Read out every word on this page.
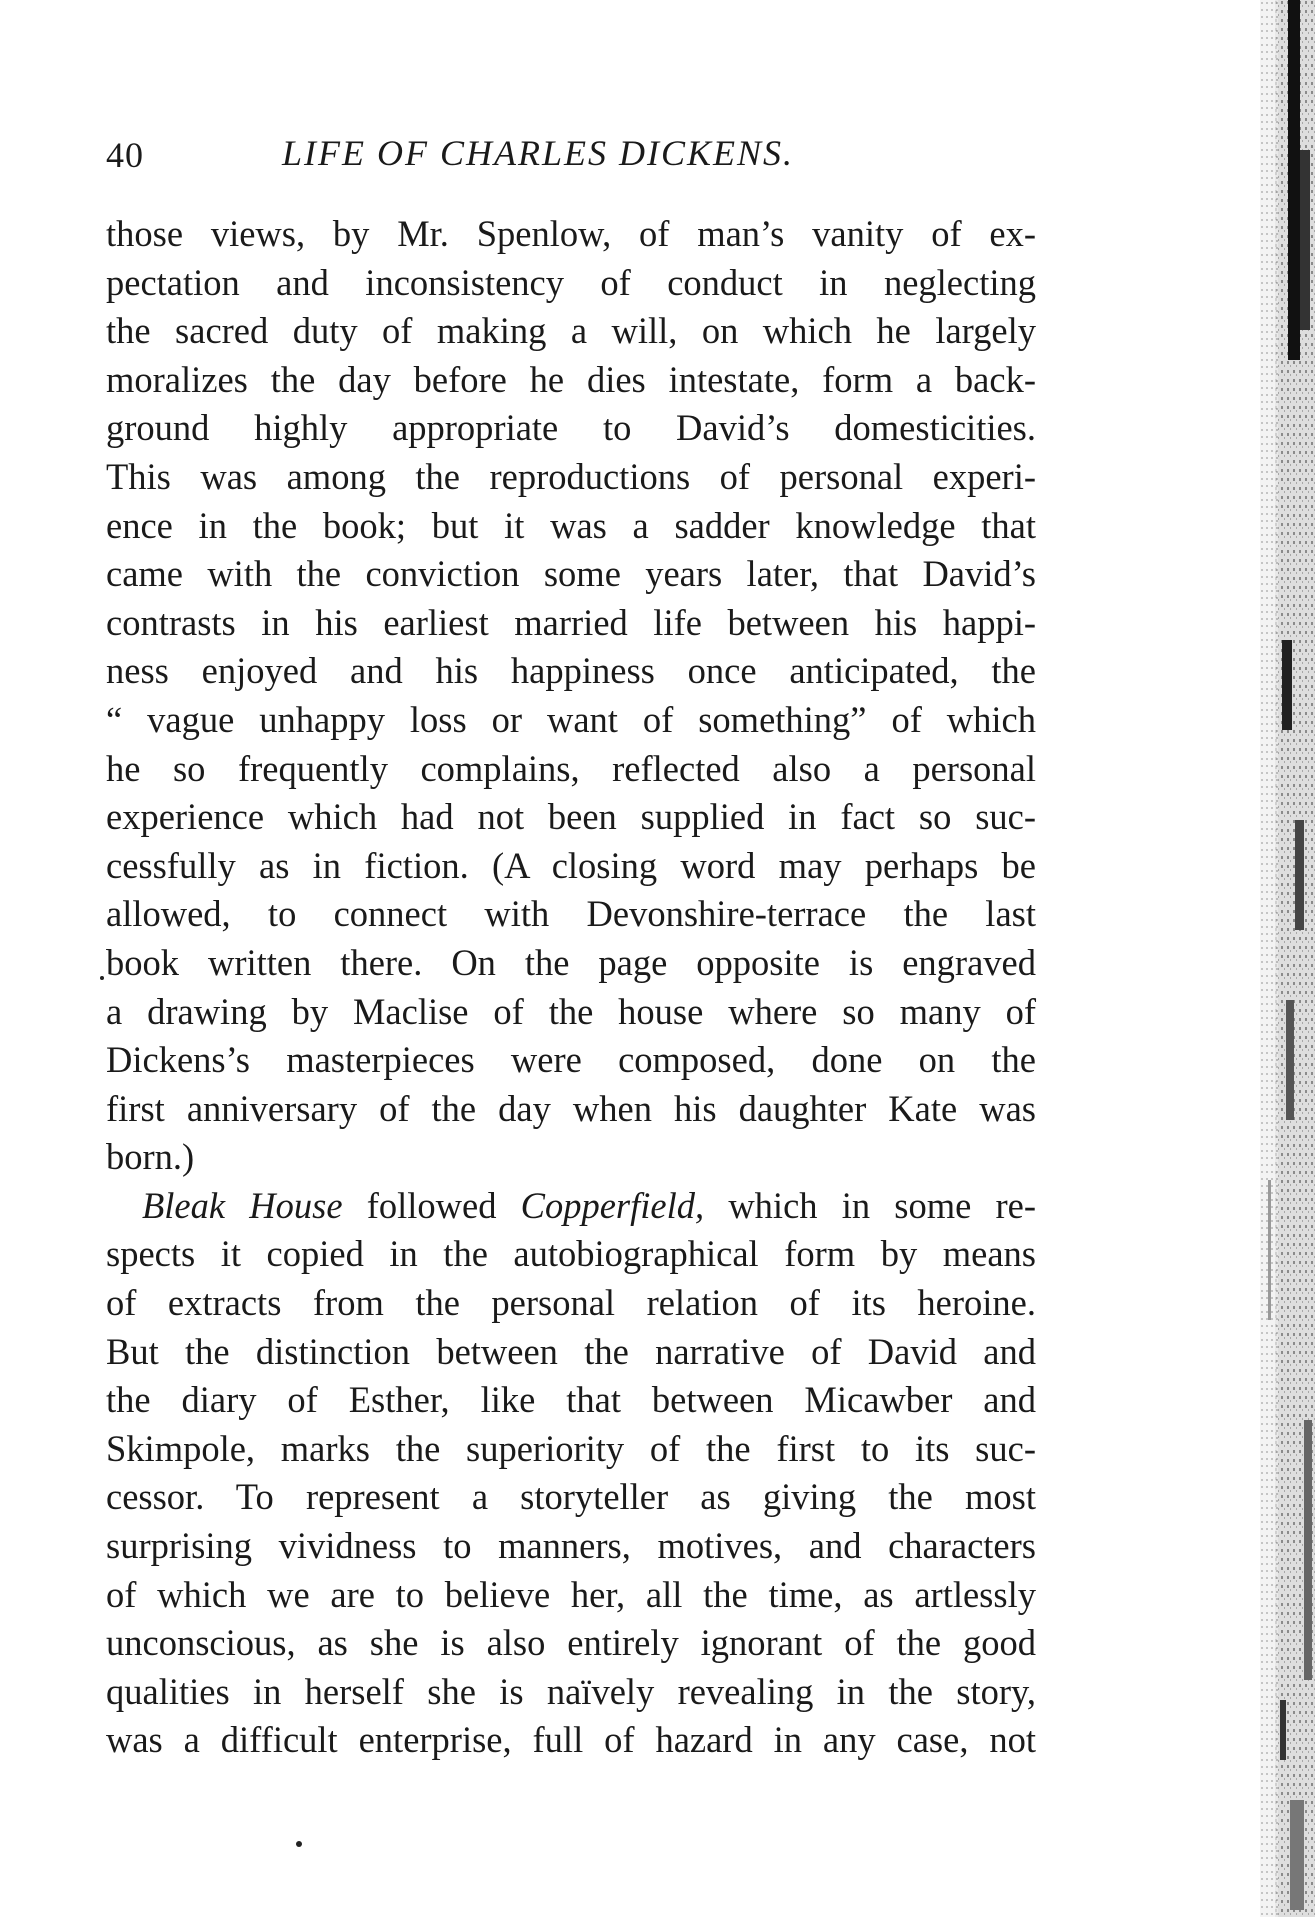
40	LIFE OF CHARLES DICKENS.
those views, by Mr. Spenlow, of man’s vanity of ex-
pectation and inconsistency of conduct in neglecting
the sacred duty of making a will, on which he largely
moralizes the day before he dies intestate, form a back-
ground highly appropriate to David’s domesticities.
This was among the reproductions of personal experi-
ence in the book; but it was a sadder knowledge that
came with the conviction some years later, that David’s
contrasts in his earliest married life between his happi-
ness enjoyed and his happiness once anticipated, the
“ vague unhappy loss or want of something” of which
he so frequently complains, reflected also a personal
experience which had not been supplied in fact so suc-
cessfully as in fiction. (A closing word may perhaps be
allowed, to connect with Devonshire-terrace the last
book written there. On the page opposite is engraved
a drawing by Maclise of the house where so many of
Dickens’s masterpieces were composed, done on the
first anniversary of the day when his daughter Kate was
born.)
Bleak House followed Copperfield, which in some re-
spects it copied in the autobiographical form by means
of extracts from the personal relation of its heroine.
But the distinction between the narrative of David and
the diary of Esther, like that between Micawber and
Skimpole, marks the superiority of the first to its suc-
cessor. To represent a storyteller as giving the most
surprising vividness to manners, motives, and characters
of which we are to believe her, all the time, as artlessly
unconscious, as she is also entirely ignorant of the good
qualities in herself she is naïvely revealing in the story,
was a difficult enterprise, full of hazard in any case, not
